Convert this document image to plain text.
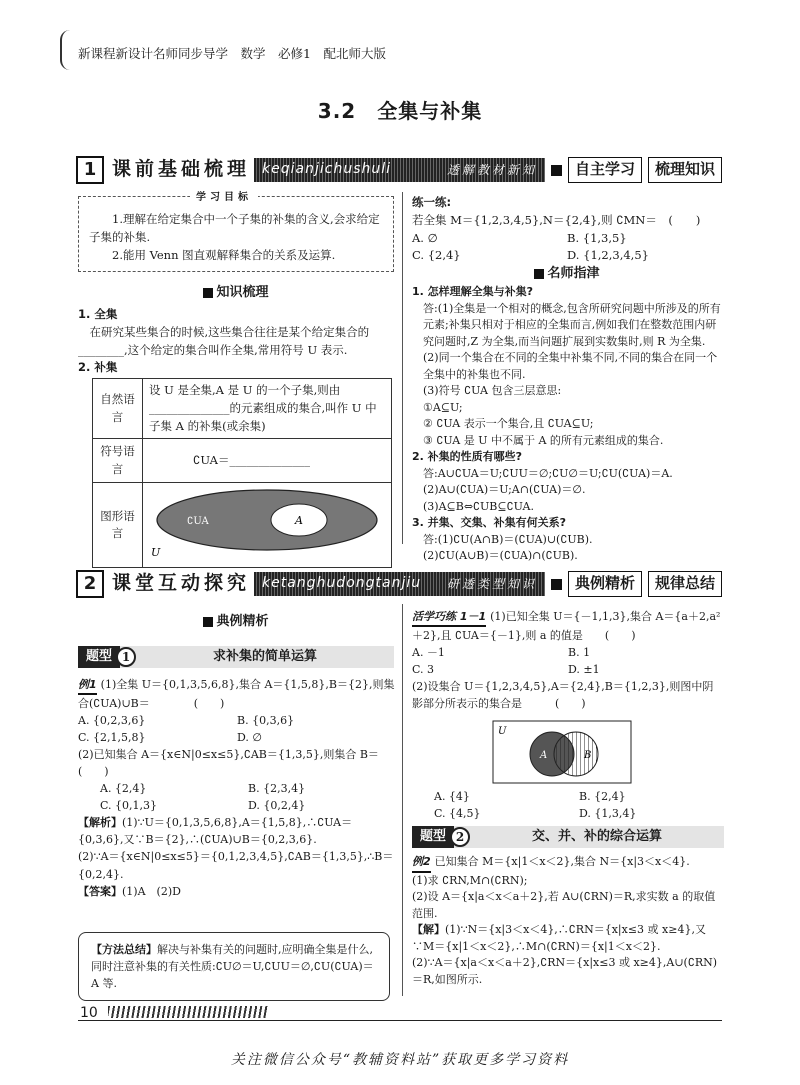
新课程新设计名师同步导学　数学　必修1　配北师大版
3.2　全集与补集
1 课前基础梳理 keqianjichushuli	透解教材新知	自主学习	梳理知识
1.理解在给定集合中一个子集的补集的含义,会求给定子集的补集.
2.能用 Venn 图直观解释集合的关系及运算.
学习目标
知识梳理
1. 全集
在研究某些集合的时候,这些集合往往是某个给定集合的________,这个给定的集合叫作全集,常用符号 U 表示.
2. 补集
自然语言	设 U 是全集,A 是 U 的一个子集,则由______________的元素组成的集合,叫作 U 中子集 A 的补集(或余集)
符号语言	∁UA＝______________
图形语言	∁UA A
U
练一练:
若全集 M＝{1,2,3,4,5},N＝{2,4},则 ∁MN＝　(　　)
A. ∅	B. {1,3,5}
C. {2,4}	D. {1,2,3,4,5}
名师指津
1. 怎样理解全集与补集?
答:(1)全集是一个相对的概念,包含所研究问题中所涉及的所有元素;补集只相对于相应的全集而言,例如我们在整数范围内研究问题时,Z 为全集,而当问题扩展到实数集时,则 R 为全集.
(2)同一个集合在不同的全集中补集不同,不同的集合在同一个全集中的补集也不同.
(3)符号 ∁UA 包含三层意思:
①A⊆U;
② ∁UA 表示一个集合,且 ∁UA⊆U;
③ ∁UA 是 U 中不属于 A 的所有元素组成的集合.
2. 补集的性质有哪些?
答:A∪∁UA＝U;∁UU＝∅;∁U∅＝U;∁U(∁UA)＝A.
(2)A∪(∁UA)＝U;A∩(∁UA)＝∅.
(3)A⊆B⇔∁UB⊆∁UA.
3. 并集、交集、补集有何关系?
答:(1)∁U(A∩B)＝(∁UA)∪(∁UB).
(2)∁U(A∪B)＝(∁UA)∩(∁UB).
2 课堂互动探究 ketanghudongtanjiu 研透类型知识	典例精析	规律总结
典例精析
题型 1	求补集的简单运算
例1 (1)全集 U＝{0,1,3,5,6,8},集合 A＝{1,5,8},B＝{2},则集合(∁UA)∪B＝　　　　(　　)
A. {0,2,3,6}	B. {0,3,6}
C. {2,1,5,8}	D. ∅
(2)已知集合 A＝{x∈N|0≤x≤5},∁AB＝{1,3,5},则集合 B＝　　　　　　　　(　　)
A. {2,4}	B. {2,3,4}
C. {0,1,3}	D. {0,2,4}
【解析】(1)∵U＝{0,1,3,5,6,8},A＝{1,5,8},∴∁UA＝{0,3,6},又∵B＝{2},∴(∁UA)∪B＝{0,2,3,6}.
(2)∵A＝{x∈N|0≤x≤5}＝{0,1,2,3,4,5},∁AB＝{1,3,5},∴B＝{0,2,4}.
【答案】(1)A　(2)D
【方法总结】解决与补集有关的问题时,应明确全集是什么,同时注意补集的有关性质:∁U∅＝U,∁UU＝∅,∁U(∁UA)＝A 等.
活学巧练 1－1 (1)已知全集 U＝{－1,1,3},集合 A＝{a＋2,a²＋2},且 ∁UA＝{－1},则 a 的值是　　(　　)
A. －1	B. 1
C. 3	D. ±1
(2)设集合 U＝{1,2,3,4,5},A＝{2,4},B＝{1,2,3},则图中阴影部分所表示的集合是　　　(　　)
U
A	B
A. {4}	B. {2,4}
C. {4,5}	D. {1,3,4}
题型 2	交、并、补的综合运算
例2 已知集合 M＝{x|1＜x＜2},集合 N＝{x|3＜x＜4}.
(1)求 ∁RN,M∩(∁RN);
(2)设 A＝{x|a＜x＜a＋2},若 A∪(∁RN)＝R,求实数 a 的取值范围.
【解】(1)∵N＝{x|3＜x＜4},∴∁RN＝{x|x≤3 或 x≥4},又∵M＝{x|1＜x＜2},∴M∩(∁RN)＝{x|1＜x＜2}.
(2)∵A＝{x|a＜x＜a＋2},∁RN＝{x|x≤3 或 x≥4},A∪(∁RN)＝R,如图所示.
10
关注微信公众号“教辅资料站”获取更多学习资料
